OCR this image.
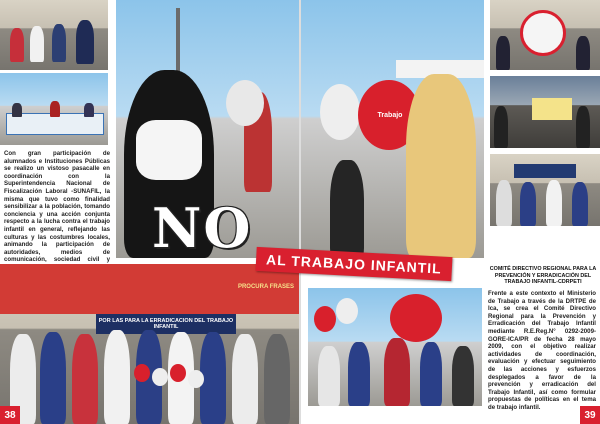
Con gran participación de alumnados e Instituciones Públicas se realizo un vistoso pasacalle en coordinación con la Superintendencia Nacional de Fiscalización Laboral -SUNAFIL, la misma que tuvo como finalidad sensibilizar a la población, tomando conciencia y una acción conjunta respecto a la lucha contra el trabajo infantil en general, reflejando las culturas y las costumbres locales, animando la participación de autoridades, medios de comunicación, sociedad civil y
PROCURA FRASES
POR LAS PARA LA ERRADICACION DEL TRABAJO INFANTIL
38
Trabajo
COMITÉ DIRECTIVO REGIONAL PARA LA PREVENCIÓN Y ERRADICACIÓN DEL TRABAJO INFANTIL-CDRPETI
Frente a este contexto el Ministerio de Trabajo a través de la DRTPE de Ica, se crea el Comité Directivo Regional para la Prevención y Erradicación del Trabajo Infantil mediante R.E.Reg.N° 0292-2009-GORE-ICA/PR de fecha 28 mayo 2009, con el objetivo realizar actividades de coordinación, evaluación y efectuar seguimiento de las acciones y esfuerzos desplegados a favor de la prevención y erradicación del Trabajo Infantil, así como formular propuestas de políticas en el tema de trabajo infantil.
39
NO
AL TRABAJO INFANTIL
